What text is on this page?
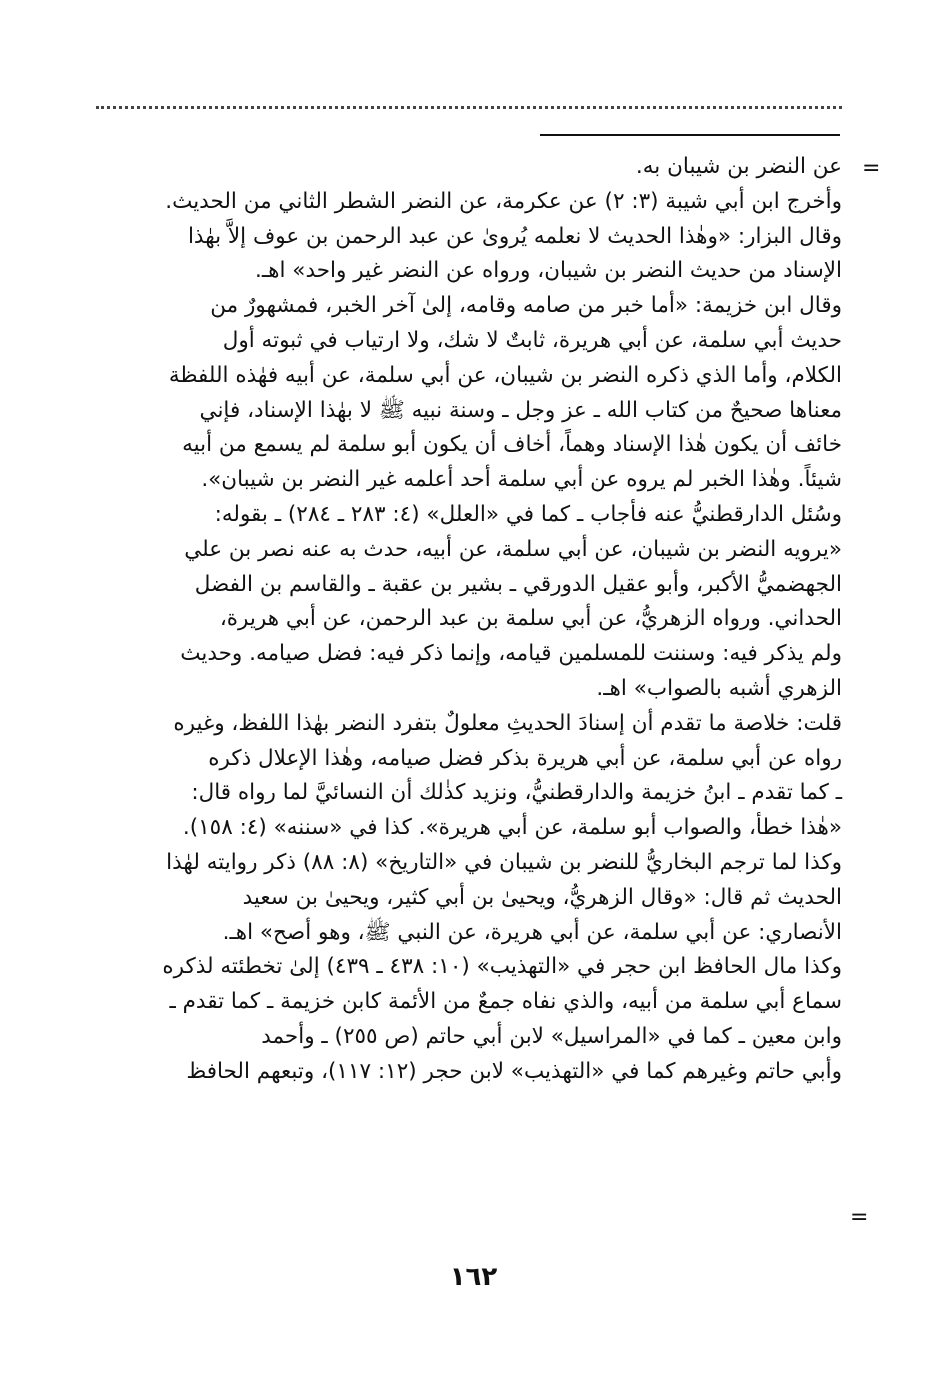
=
=
عن النضر بن شيبان به.
وأخرج ابن أبي شيبة (٣: ٢) عن عكرمة، عن النضر الشطر الثاني من الحديث.
وقال البزار: «وهٰذا الحديث لا نعلمه يُروىٰ عن عبد الرحمن بن عوف إلاَّ بهٰذا
الإسناد من حديث النضر بن شيبان، ورواه عن النضر غير واحد» اهـ.
وقال ابن خزيمة: «أما خبر من صامه وقامه، إلىٰ آخر الخبر، فمشهورٌ من
حديث أبي سلمة، عن أبي هريرة، ثابتٌ لا شك، ولا ارتياب في ثبوته أول
الكلام، وأما الذي ذكره النضر بن شيبان، عن أبي سلمة، عن أبيه فهٰذه اللفظة
معناها صحيحٌ من كتاب الله ـ عز وجل ـ وسنة نبيه ﷺ لا بهٰذا الإسناد، فإني
خائف أن يكون هٰذا الإسناد وهماً، أخاف أن يكون أبو سلمة لم يسمع من أبيه
شيئاً. وهٰذا الخبر لم يروه عن أبي سلمة أحد أعلمه غير النضر بن شيبان».
وسُئل الدارقطنيُّ عنه فأجاب ـ كما في «العلل» (٤: ٢٨٣ ـ ٢٨٤) ـ بقوله:
«يرويه النضر بن شيبان، عن أبي سلمة، عن أبيه، حدث به عنه نصر بن علي
الجهضميُّ الأكبر، وأبو عقيل الدورقي ـ بشير بن عقبة ـ والقاسم بن الفضل
الحداني. ورواه الزهريُّ، عن أبي سلمة بن عبد الرحمن، عن أبي هريرة،
ولم يذكر فيه: وسننت للمسلمين قيامه، وإنما ذكر فيه: فضل صيامه. وحديث
الزهري أشبه بالصواب» اهـ.
قلت: خلاصة ما تقدم أن إسنادَ الحديثِ معلولٌ بتفرد النضر بهٰذا اللفظ، وغيره
رواه عن أبي سلمة، عن أبي هريرة بذكر فضل صيامه، وهٰذا الإعلال ذكره
ـ كما تقدم ـ ابنُ خزيمة والدارقطنيُّ، ونزيد كذٰلك أن النسائيَّ لما رواه قال:
«هٰذا خطأ، والصواب أبو سلمة، عن أبي هريرة». كذا في «سننه» (٤: ١٥٨).
وكذا لما ترجم البخاريُّ للنضر بن شيبان في «التاريخ» (٨: ٨٨) ذكر روايته لهٰذا
الحديث ثم قال: «وقال الزهريُّ، ويحيىٰ بن أبي كثير، ويحيىٰ بن سعيد
الأنصاري: عن أبي سلمة، عن أبي هريرة، عن النبي ﷺ، وهو أصح» اهـ.
وكذا مال الحافظ ابن حجر في «التهذيب» (١٠: ٤٣٨ ـ ٤٣٩) إلىٰ تخطئته لذكره
سماع أبي سلمة من أبيه، والذي نفاه جمعٌ من الأئمة كابن خزيمة ـ كما تقدم ـ
وابن معين ـ كما في «المراسيل» لابن أبي حاتم (ص ٢٥٥) ـ وأحمد
وأبي حاتم وغيرهم كما في «التهذيب» لابن حجر (١٢: ١١٧)، وتبعهم الحافظ
١٦٢
